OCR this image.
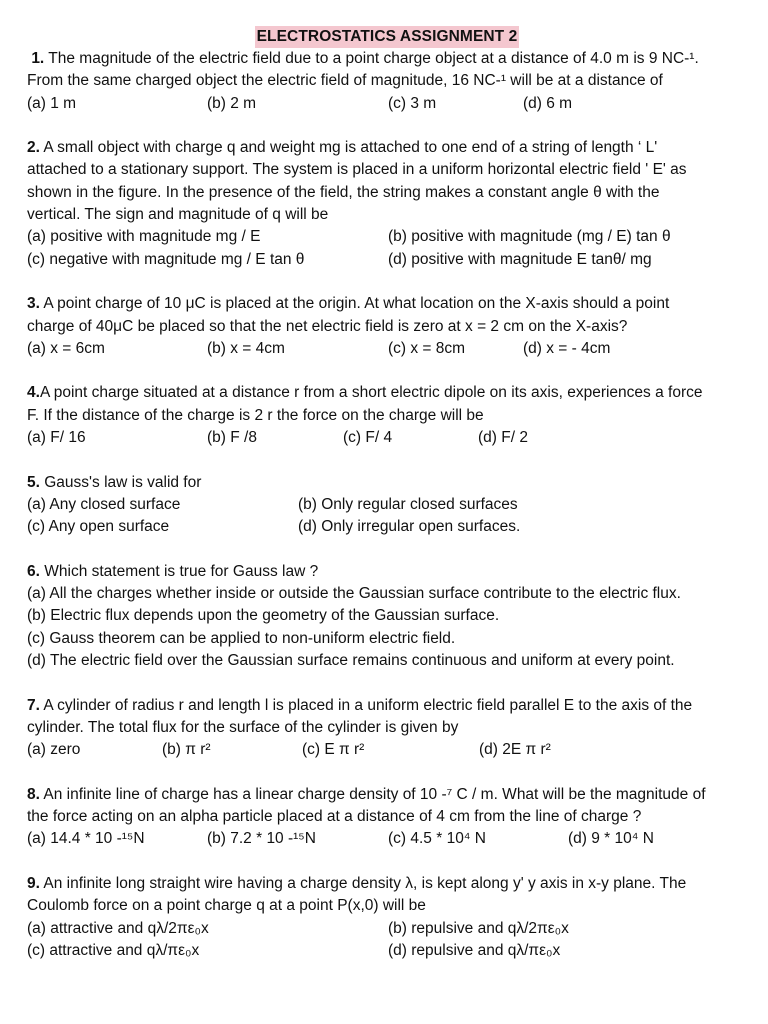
ELECTROSTATICS ASSIGNMENT 2

1. The magnitude of the electric field due to a point charge object at a distance of 4.0 m is 9 NC-¹.

From the same charged object the electric field of magnitude, 16 NC-¹ will be at a distance of

(a) 1 m	(b) 2 m	(c) 3 m	(d) 6 m

2. A small object with charge q and weight mg is attached to one end of a string of length ‘ L'

attached to a stationary support. The system is placed in a uniform horizontal electric field ' E' as

shown in the figure. In the presence of the field, the string makes a constant angle θ with the

vertical. The sign and magnitude of q will be

(a) positive with magnitude mg / E	(b) positive with magnitude (mg / E) tan θ
(c) negative with magnitude mg / E tan θ	(d) positive with magnitude E tanθ/ mg

3. A point charge of 10 μC is placed at the origin. At what location on the X-axis should a point

charge of 40μC be placed so that the net electric field is zero at x = 2 cm on the X-axis?

(a) x = 6cm	(b) x = 4cm	(c) x = 8cm	(d) x = - 4cm

4.A point charge situated at a distance r from a short electric dipole on its axis, experiences a force

F. If the distance of the charge is 2 r the force on the charge will be

(a) F/ 16	(b) F /8	(c) F/ 4	(d) F/ 2

5. Gauss's law is valid for

(a) Any closed surface	(b) Only regular closed surfaces
(c) Any open surface	(d) Only irregular open surfaces.

6. Which statement is true for Gauss law ?

(a) All the charges whether inside or outside the Gaussian surface contribute to the electric flux.

(b) Electric flux depends upon the geometry of the Gaussian surface.

(c) Gauss theorem can be applied to non-uniform electric field.

(d) The electric field over the Gaussian surface remains continuous and uniform at every point.

7. A cylinder of radius r and length l is placed in a uniform electric field parallel E to the axis of the

cylinder. The total flux for the surface of the cylinder is given by

(a) zero	(b) π r²	(c) E π r²	(d) 2E π r²

8. An infinite line of charge has a linear charge density of 10 -⁷ C / m. What will be the magnitude of

the force acting on an alpha particle placed at a distance of 4 cm from the line of charge ?

(a) 14.4 * 10 -¹⁵N	(b) 7.2 * 10 -¹⁵N	(c) 4.5 * 10⁴ N	(d) 9 * 10⁴ N

9. An infinite long straight wire having a charge density λ, is kept along y' y axis in x-y plane. The

Coulomb force on a point charge q at a point P(x,0) will be

(a) attractive and qλ/2πε₀x	(b) repulsive and qλ/2πε₀x
(c) attractive and qλ/πε₀x	(d) repulsive and qλ/πε₀x
